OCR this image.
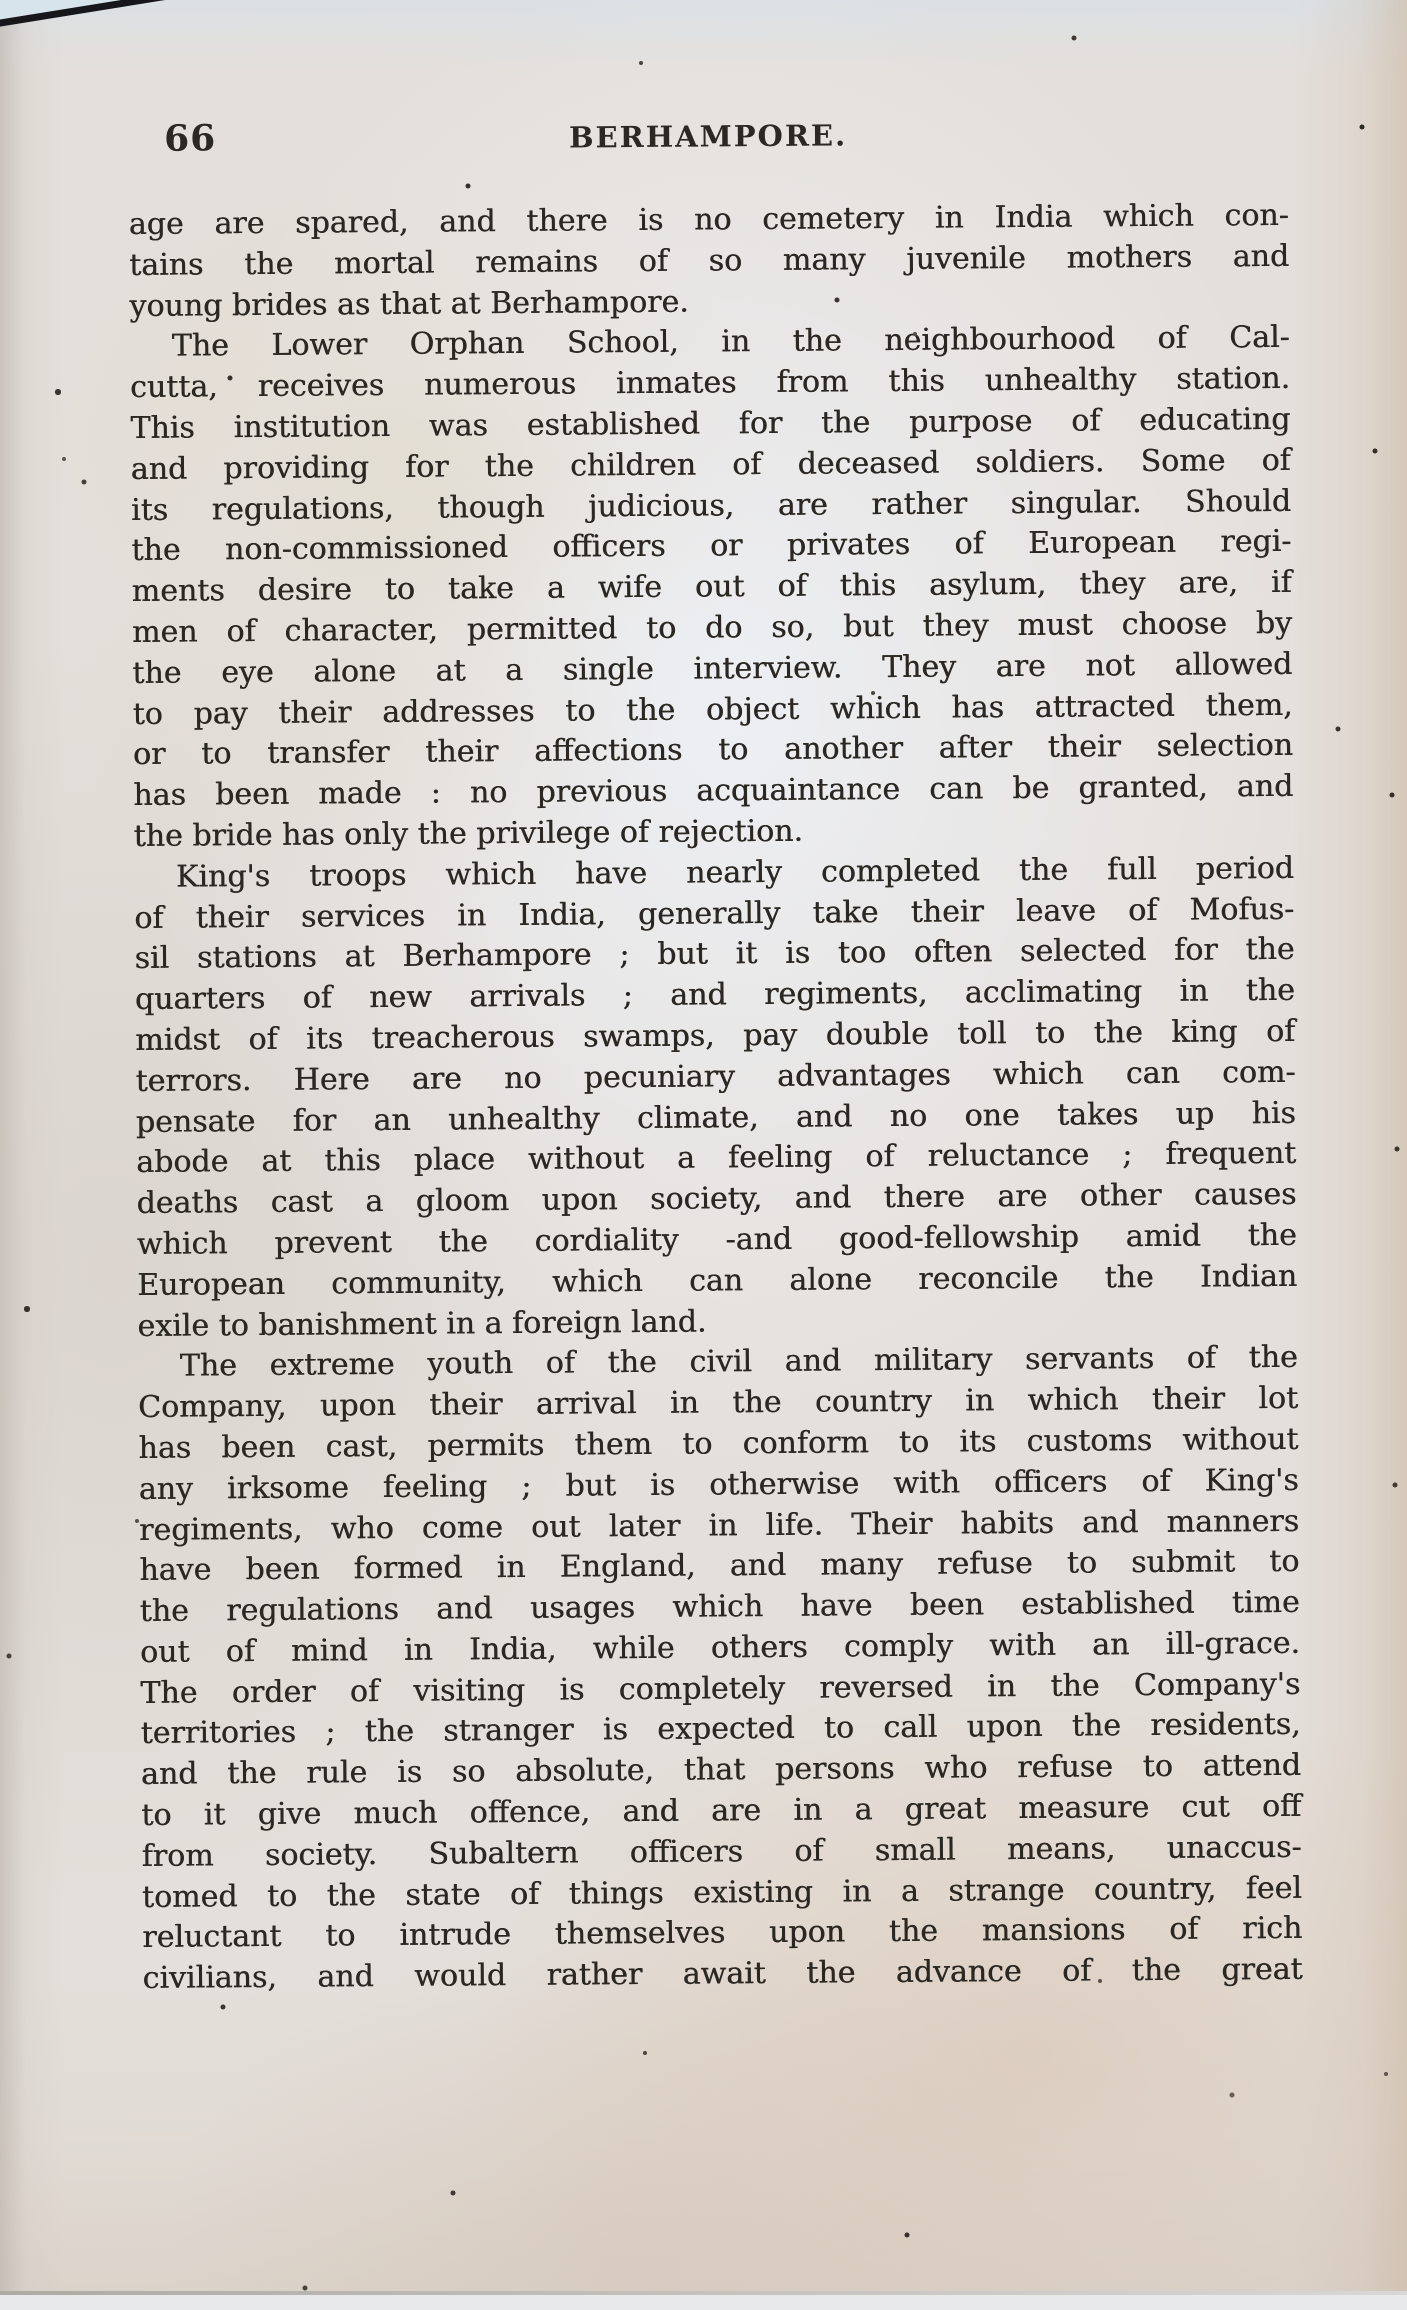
66	BERHAMPORE.
age are spared, and there is no cemetery in India which con-
tains the mortal remains of so many juvenile mothers and
young brides as that at Berhampore.
The Lower Orphan School, in the neighbourhood of Cal-
cutta, receives numerous inmates from this unhealthy station.
This institution was established for the purpose of educating
and providing for the children of deceased soldiers. Some of
its regulations, though judicious, are rather singular. Should
the non-commissioned officers or privates of European regi-
ments desire to take a wife out of this asylum, they are, if
men of character, permitted to do so, but they must choose by
the eye alone at a single interview. They are not allowed
to pay their addresses to the object which has attracted them,
or to transfer their affections to another after their selection
has been made : no previous acquaintance can be granted, and
the bride has only the privilege of rejection.
King's troops which have nearly completed the full period
of their services in India, generally take their leave of Mofus-
sil stations at Berhampore ; but it is too often selected for the
quarters of new arrivals ; and regiments, acclimating in the
midst of its treacherous swamps, pay double toll to the king of
terrors. Here are no pecuniary advantages which can com-
pensate for an unhealthy climate, and no one takes up his
abode at this place without a feeling of reluctance ; frequent
deaths cast a gloom upon society, and there are other causes
which prevent the cordiality -and good-fellowship amid the
European community, which can alone reconcile the Indian
exile to banishment in a foreign land.
The extreme youth of the civil and military servants of the
Company, upon their arrival in the country in which their lot
has been cast, permits them to conform to its customs without
any irksome feeling ; but is otherwise with officers of King's
regiments, who come out later in life. Their habits and manners
have been formed in England, and many refuse to submit to
the regulations and usages which have been established time
out of mind in India, while others comply with an ill-grace.
The order of visiting is completely reversed in the Company's
territories ; the stranger is expected to call upon the residents,
and the rule is so absolute, that persons who refuse to attend
to it give much offence, and are in a great measure cut off
from society. Subaltern officers of small means, unaccus-
tomed to the state of things existing in a strange country, feel
reluctant to intrude themselves upon the mansions of rich
civilians, and would rather await the advance of the great
